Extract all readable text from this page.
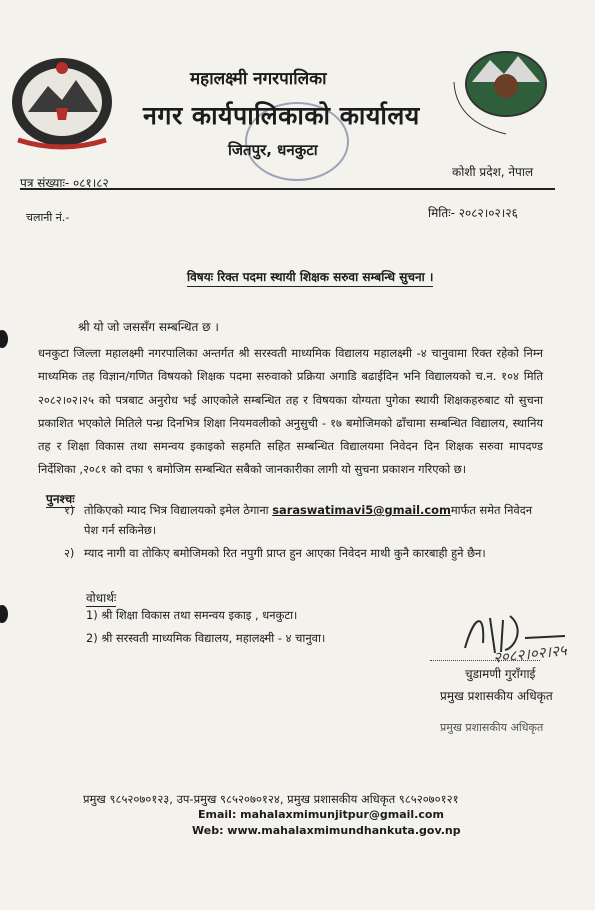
महालक्ष्मी नगरपालिका
नगर कार्यपालिकाको कार्यालय
जितपुर, धनकुटा
पत्र संख्याः- ०८१।८२
कोशी प्रदेश, नेपाल
चलानी नं.-	मितिः- २०८२।०२।२६
विषयः रिक्त पदमा स्थायी शिक्षक सरुवा सम्बन्धि सुचना ।
श्री यो जो जससँग सम्बन्धित छ ।

धनकुटा जिल्ला महालक्ष्मी नगरपालिका अन्तर्गत श्री सरस्वती माध्यमिक विद्यालय महालक्ष्मी -४ चानुवामा रिक्त रहेको निम्न माध्यमिक तह विज्ञान/गणित विषयको शिक्षक पदमा सरुवाको प्रक्रिया अगाडि बढाईदिन भनि विद्यालयको च.न. १०४ मिति २०८२।०२।२५ को पत्रबाट अनुरोध भई आएकोले सम्बन्धित तह र विषयका योग्यता पुगेका स्थायी शिक्षकहरुबाट यो सुचना प्रकाशित भएकोले मितिले पन्ध्र दिनभित्र शिक्षा नियमवलीको अनुसुची - १७ बमोजिमको ढाँचामा सम्बन्धित विद्यालय, स्थानिय तह र शिक्षा विकास तथा समन्वय इकाइको सहमति सहित सम्बन्धित विद्यालयमा निवेदन दिन शिक्षक सरुवा मापदण्ड निर्देशिका ,२०८१ को दफा ९ बमोजिम सम्बन्धित सबैको जानकारीका लागी यो सुचना प्रकाशन गरिएको छ।

पुनश्चः
१) तोकिएको म्याद भित्र विद्यालयको इमेल ठेगाना saraswatimavi5@gmail.comमार्फत समेत निवेदन पेश गर्न सकिनेछ।
२) म्याद नागी वा तोकिए बमोजिमको रित नपुगी प्राप्त हुन आएका निवेदन माथी कुनै कारबाही हुने छैन।
वोधार्थः
1) श्री शिक्षा विकास तथा समन्वय इकाइ , धनकुटा।
2) श्री सरस्वती माध्यमिक विद्यालय, महालक्ष्मी - ४ चानुवा।
२०८२।०२।२५
चुडामणी गुराँगाई
प्रमुख प्रशासकीय अधिकृत
प्रमुख प्रशासकीय अधिकृत
प्रमुख ९८५२०७०१२३, उप-प्रमुख ९८५२०७०१२४, प्रमुख प्रशासकीय अधिकृत ९८५२०७०१२१
Email: mahalaxmimunjitpur@gmail.com
Web: www.mahalaxmimundhankuta.gov.np
